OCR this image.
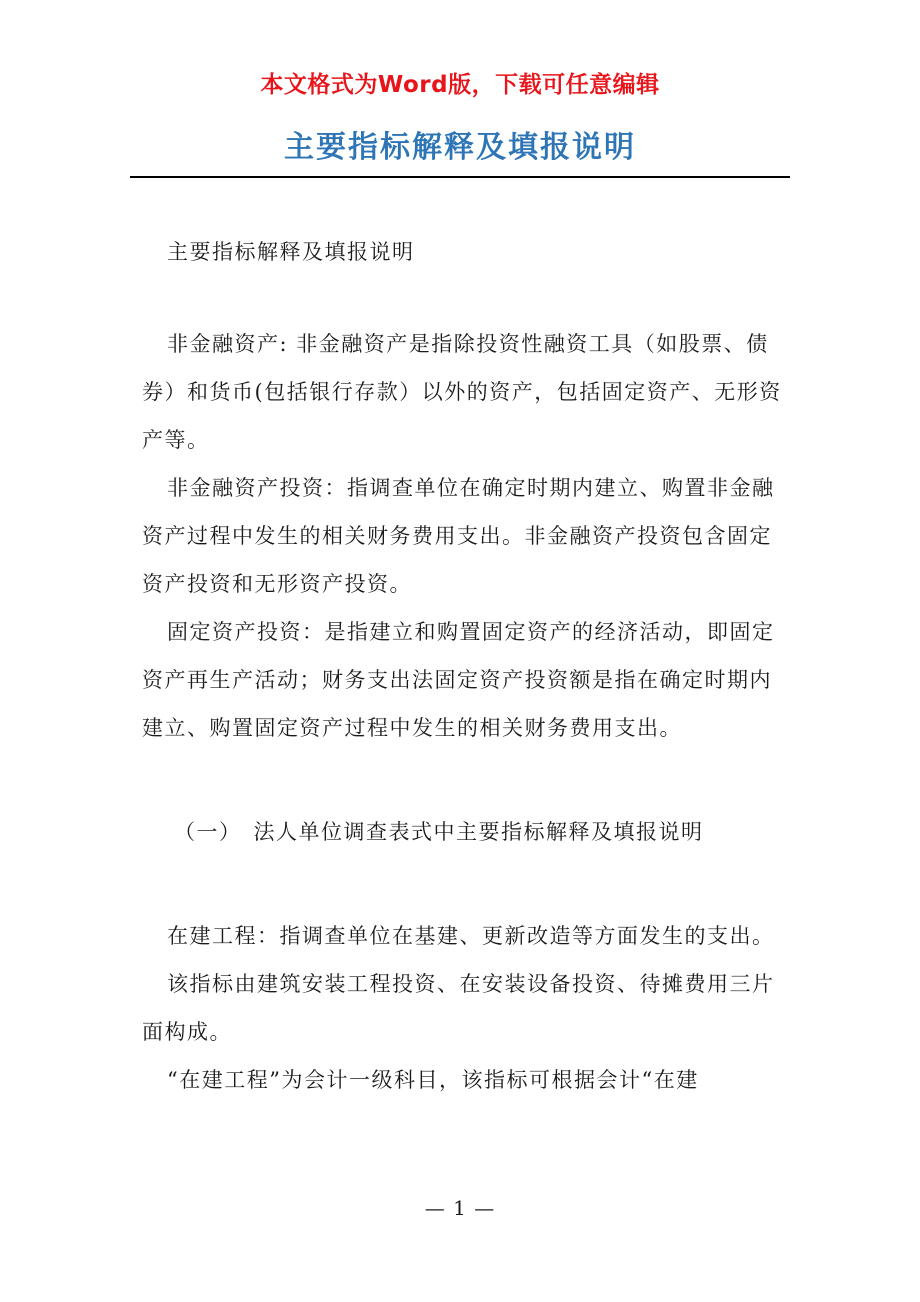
本文格式为Word版，下载可任意编辑
主要指标解释及填报说明

主要指标解释及填报说明

非金融资产: 非金融资产是指除投资性融资工具（如股票、债券）和货币(包括银行存款）以外的资产，包括固定资产、无形资产等。

非金融资产投资：指调查单位在确定时期内建立、购置非金融资产过程中发生的相关财务费用支出。非金融资产投资包含固定资产投资和无形资产投资。

固定资产投资：是指建立和购置固定资产的经济活动，即固定资产再生产活动；财务支出法固定资产投资额是指在确定时期内建立、购置固定资产过程中发生的相关财务费用支出。

（一）　法人单位调查表式中主要指标解释及填报说明

在建工程：指调查单位在基建、更新改造等方面发生的支出。

该指标由建筑安装工程投资、在安装设备投资、待摊费用三片面构成。

“在建工程”为会计一级科目，该指标可根据会计“在建

— 1 —
